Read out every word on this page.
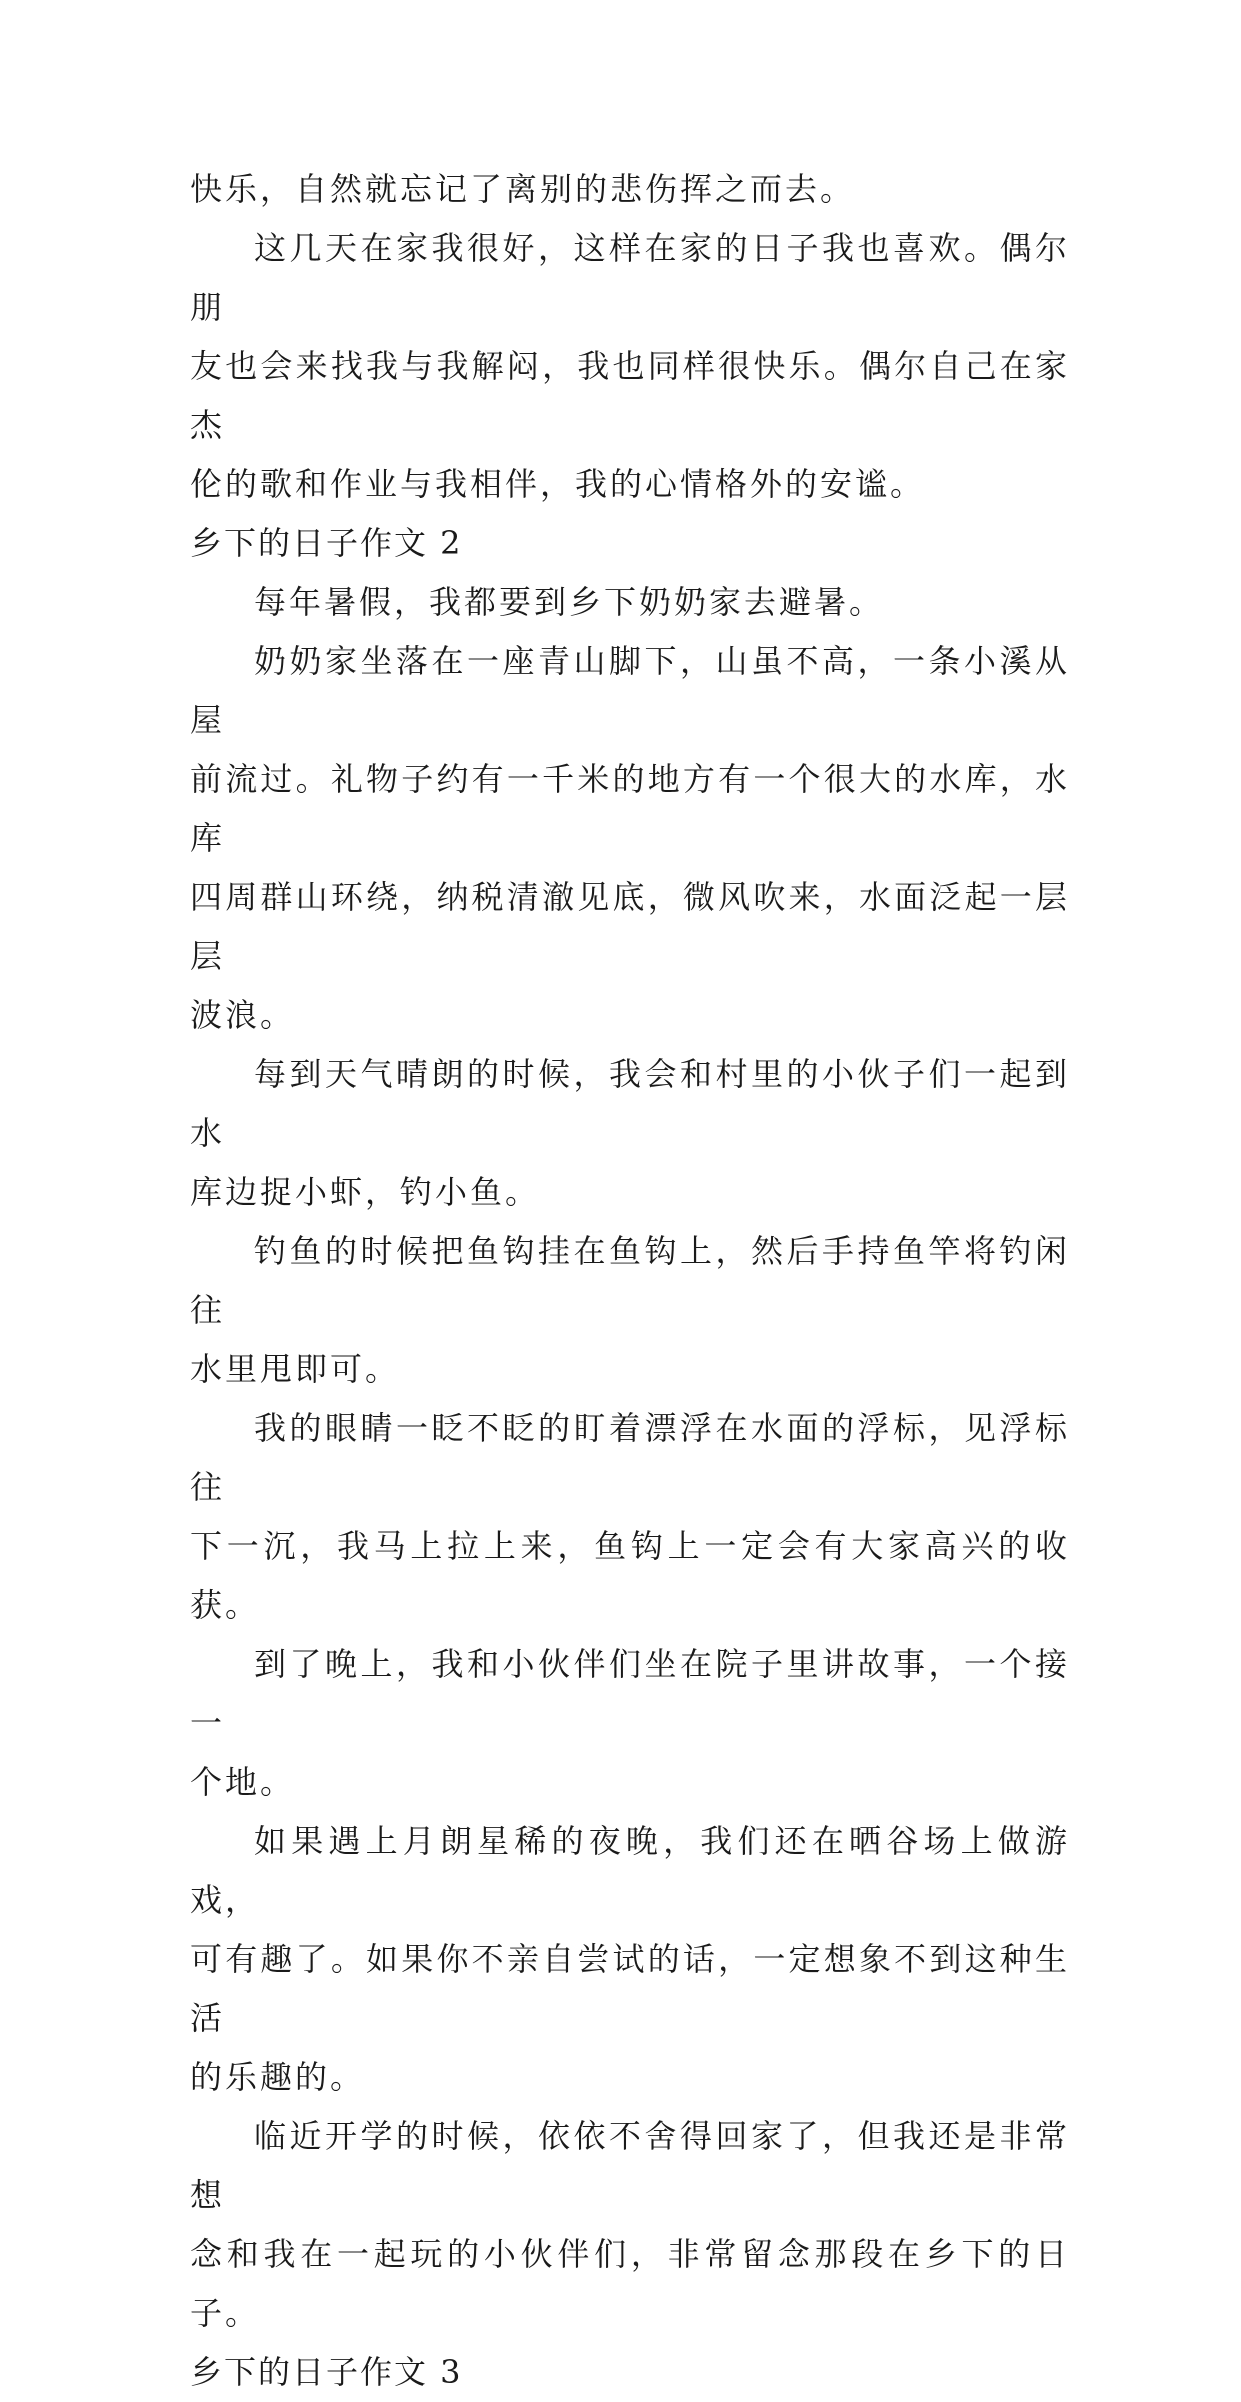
快乐，自然就忘记了离别的悲伤挥之而去。

这几天在家我很好，这样在家的日子我也喜欢。偶尔朋
友也会来找我与我解闷，我也同样很快乐。偶尔自己在家杰
伦的歌和作业与我相伴，我的心情格外的安谧。

乡下的日子作文 2

每年暑假，我都要到乡下奶奶家去避暑。

奶奶家坐落在一座青山脚下，山虽不高，一条小溪从屋
前流过。礼物子约有一千米的地方有一个很大的水库，水库
四周群山环绕，纳税清澈见底，微风吹来，水面泛起一层层
波浪。

每到天气晴朗的时候，我会和村里的小伙子们一起到水
库边捉小虾，钓小鱼。

钓鱼的时候把鱼钩挂在鱼钩上，然后手持鱼竿将钓闲往
水里甩即可。

我的眼睛一眨不眨的盯着漂浮在水面的浮标，见浮标往
下一沉，我马上拉上来，鱼钩上一定会有大家高兴的收获。

到了晚上，我和小伙伴们坐在院子里讲故事，一个接一
个地。

如果遇上月朗星稀的夜晚，我们还在晒谷场上做游戏，
可有趣了。如果你不亲自尝试的话，一定想象不到这种生活
的乐趣的。

临近开学的时候，依依不舍得回家了，但我还是非常想
念和我在一起玩的小伙伴们，非常留念那段在乡下的日子。

乡下的日子作文 3
